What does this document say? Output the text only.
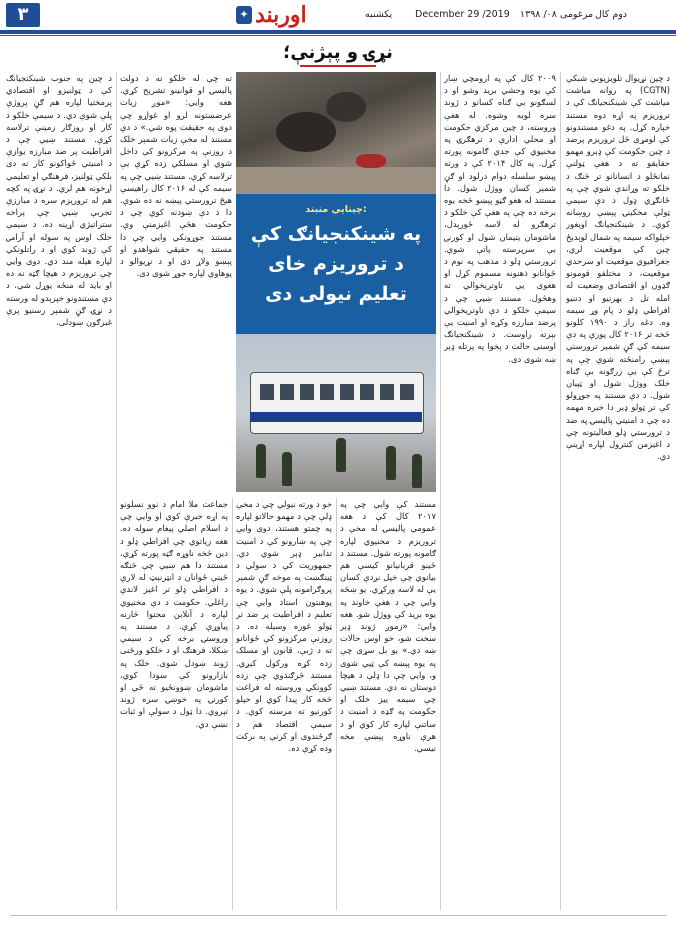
۳	دوم کال
مرغومی ۰۸/ ۱۳۹۸
December 29 /2019
یکشنبه
✦ اوربند
نړۍ و پېژنې؛
د چین نړیوال تلویزیوني شبکې (CGTN) په روانه میاشت میاشت کې شینکنجیانګ کې د تروریزم په اړه دوه مستند خپاره کړل. په دغو مستندونو کې لومړی ځل تروریزم پرضد د چین حکومت کې ډېرو مهمو حقایقو ته د هغې ټولنې نمانځلو د انسانانو تر څنګ د خلکو ته وړاندې شوې چې په ځانګړي ډول د دې سیمې ټولې مخکینۍ پېښې روښانه کوي. د شینکنجیانګ اویغور خپلواکه سیمه په شمال لوېدیځ چین کې موقعیت لري، جغرافیوي موقعیت او سرحدي موقعیت، د مختلفو قومونو ګډون او اقتصادي وضعیت له امله تل د بهرنیو او دننیو افراطي ډلو د پام وړ سیمه وه. دغه راز د ۱۹۹۰ کلونو څخه تر ۲۰۱۶ کال پورې په دې سیمه کې ګڼ شمېر ترورستي پېښې رامنځته شوې چې په ترڅ کې یې زرګونه بې ګناه خلک ووژل شول او ټپیان شول. د دې مستند په جوړولو کې تر ټولو ډیر دا خبره مهمه ده چې د امنیتي پالیسۍ په ضد د ترورستي ډلو فعالیتونه چې د اغیزمن کنترول لپاره اړینې دي.
۲۰۰۹ کال کې په ارومچي ښار کې یوه وحشي برید وشو او د لسګونو بې ګناه کسانو د ژوند سره لوبه وشوه. له هغې وروسته، د چین مرکزي حکومت او محلي ادارې د ترهګرۍ په مخنیوي کې جدي ګامونه پورته کړل. په کال ۲۰۱۴ کې د ورته پېښو سلسله دوام درلود او ګڼ شمېر کسان ووژل شول. دا مستند له هغو ګڼو پېښو څخه یوه برخه ده چې په هغې کې خلکو د ترهګرو له لاسه ځورېدل، ماشومان یتیمان شول او کورنۍ بې سرپرسته پاتې شوې. ترورستي ډلو د مذهب په نوم د ځوانانو ذهنونه مسموم کړل او هغوی یې تاوتریخوالي ته وهڅول. مستند ښیي چې د سیمې خلکو د دې تاوتریخوالي پرضد مبارزه وکړه او امنیت یې بېرته راوست. د شینکنجیانګ اوسنی حالت د پخوا په پرتله ډېر ښه شوی دی.
چینایي منبتد:
په شینکنجیانګ کې د تروریزم خای تعلیم نیولی دی
ته چې له خلکو ته د دولت پالیسۍ او قوانینو تشریح کړي. هغه وایي: «موږ زیات عرضښتونه لرو او غواړو چې دوی په حقیقت پوه شي.» د دې مستند له مخې زیات شمېر خلک د روزنې په مرکزونو کې داخل شوي او مسلکي زده کړې یې ترلاسه کړې. مستند ښیي چې په سیمه کې له ۲۰۱۶ کال راهیسې هیڅ ترورستي پېښه نه ده شوې. دا د دې ښودنه کوي چې د حکومت هڅې اغیزمنې وې. مستند جوړونکي وایي چې دا مستند په حقیقي شواهدو او پېښو ولاړ دی او د نړیوالو د پوهاوي لپاره جوړ شوی دی.
د چین په جنوب شینکنجیانګ کې د ټولنیزو او اقتصادي پرمختیا لپاره هم ګڼ پروژې پلې شوې دي. د سیمې خلکو د کار او روزګار زمینې ترلاسه کړې. مستند ښیي چې د افراطیت پر ضد مبارزه یوازې د امنیتي ځواکونو کار نه دی بلکې ټولنیز، فرهنګي او تعلیمي اړخونه هم لري. د نړۍ په کچه هم له تروریزم سره د مبارزې تجربې ښیي چې پراخه ستراتیژي اړینه ده. د سیمې خلک اوس په سوله او آرامۍ کې ژوند کوي او د راتلونکي لپاره هیله مند دي. دوی وایي چې تروریزم د هیچا ګټه نه ده او باید له منځه یوړل شي. د دې مستندونو خپرېدو له ورسته د نړۍ ګڼ شمېر رسنیو پرې غبرګون ښودلی.
مستند کې وایي چې په ۲۰۱۷ کال کې د هغه عمومي پالیسۍ له مخې د تروریزم د مخنیوي لپاره ګامونه پورته شول. مستند د ځینو قربانیانو کیسې هم بیانوي چې خپل نږدې کسان یې له لاسه ورکړي. یو ښځه وایي چې د هغې خاوند په یوه برید کې ووژل شو. هغه وایي: «زموږ ژوند ډېر سخت شو، خو اوس حالات ښه دي.» یو بل سړی چې په یوه پېښه کې ټپي شوی و، وایي چې دا ډلې د هیچا دوستان نه دي. مستند ښیي چې سیمه ییز خلک او حکومت په ګډه د امنیت د ساتنې لپاره کار کوي او د هرې ناوړه پېښې مخه نیسي.
خو د ورته نیولي چې د مخې ډلې چې د مهمو حالاتو لپاره په چمتو هستند، دوی وایي چې په ښارونو کې د امنیت تدابیر ډېر شوي دي. جمهوریت کې د سولې د ټینګښت په موخه ګڼ شمېر پروګرامونه پلې شوي. د یوه پوهنتون استاد وایي چې تعلیم د افراطیت پر ضد تر ټولو غوره وسیله ده. د روزنې مرکزونو کې ځوانانو ته د ژبې، قانون او مسلک زده کړه ورکول کېږي. مستند څرګندوي چې زده کوونکي وروسته له فراغت څخه کار پیدا کوي او خپلو کورنیو ته مرسته کوي. د سیمې اقتصاد هم د ګرځندوی او کرنې په برکت وده کړې ده.
جماعت ملا امام د نوو نسلونو په اړه خبرې کوي او وایي چې د اسلام اصلي پیغام سوله ده. هغه زیاتوي چې افراطي ډلو د دین څخه ناوړه ګټه پورته کړې. مستند دا هم ښیي چې څنګه ځینې ځوانان د انټرنېټ له لارې د افراطي ډلو تر اغیز لاندې راغلي. حکومت د دې مخنیوي لپاره د آنلاین محتوا څارنه پیاوړې کړې. د مستند په وروستۍ برخه کې د سیمې ښکلا، فرهنګ او د خلکو ورځنی ژوند ښودل شوی. خلک په بازارونو کې سودا کوي، ماشومان ښوونځیو ته ځي او کورنۍ په خوښۍ سره ژوند تېروي. دا ټول د سولې او ثبات نښې دي.
